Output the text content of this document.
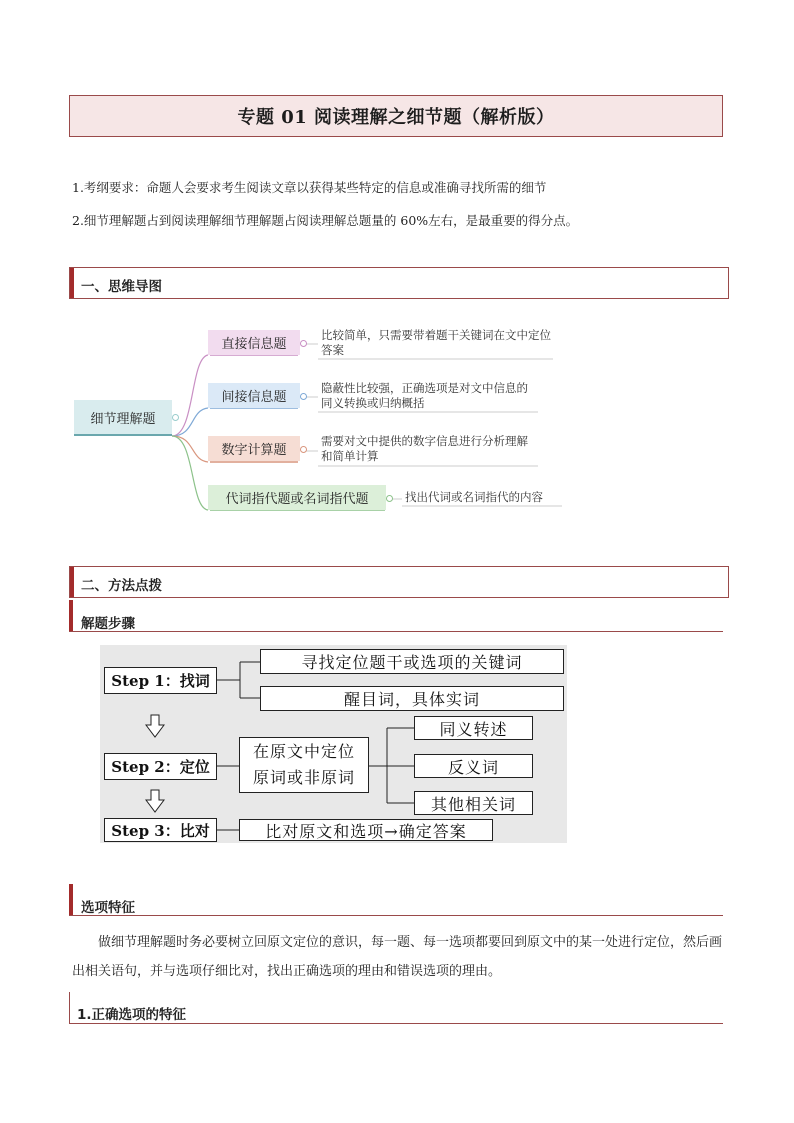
专题 01 阅读理解之细节题（解析版）
1.考纲要求：命题人会要求考生阅读文章以获得某些特定的信息或准确寻找所需的细节
2.细节理解题占到阅读理解细节理解题占阅读理解总题量的 60%左右，是最重要的得分点。
一、思维导图
细节理解题
直接信息题
比较简单，只需要带着题干关键词在文中定位答案
间接信息题
隐蔽性比较强，正确选项是对文中信息的同义转换或归纳概括
数字计算题
需要对文中提供的数字信息进行分析理解和简单计算
代词指代题或名词指代题	找出代词或名词指代的内容
二、方法点拨
解题步骤
Step 1：找词
寻找定位题干或选项的关键词
醒目词，具体实词
Step 2：定位
在原文中定位
原词或非原词
同义转述
反义词
其他相关词
Step 3：比对	比对原文和选项→确定答案
选项特征
做细节理解题时务必要树立回原文定位的意识，每一题、每一选项都要回到原文中的某一处进行定位，然后画出相关语句，并与选项仔细比对，找出正确选项的理由和错误选项的理由。
1.正确选项的特征
